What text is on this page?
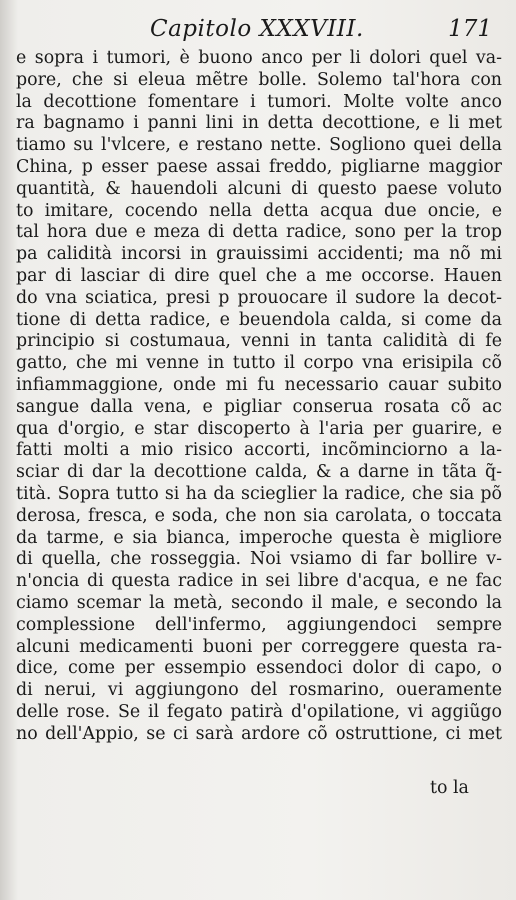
Capitolo XXXVIII.	171
e sopra i tumori, è buono anco per li dolori quel va-
pore, che si eleua mẽtre bolle. Solemo tal'hora con
la decottione fomentare i tumori. Molte volte anco
ra bagnamo i panni lini in detta decottione, e li met
tiamo su l'vlcere, e restano nette. Sogliono quei della
China, p esser paese assai freddo, pigliarne maggior
quantità, & hauendoli alcuni di questo paese voluto
to imitare, cocendo nella detta acqua due oncie, e
tal hora due e meza di detta radice, sono per la trop
pa calidità incorsi in grauissimi accidenti; ma nõ mi
par di lasciar di dire quel che a me occorse. Hauen
do vna sciatica, presi p prouocare il sudore la decot-
tione di detta radice, e beuendola calda, si come da
principio si costumaua, venni in tanta calidità di fe
gatto, che mi venne in tutto il corpo vna erisipila cõ
infiammaggione, onde mi fu necessario cauar subito
sangue dalla vena, e pigliar conserua rosata cõ ac
qua d'orgio, e star discoperto à l'aria per guarire, e
fatti molti a mio risico accorti, incõminciorno a la-
sciar di dar la decottione calda, & a darne in tãta q̃-
tità. Sopra tutto si ha da scieglier la radice, che sia põ
derosa, fresca, e soda, che non sia carolata, o toccata
da tarme, e sia bianca, imperoche questa è migliore
di quella, che rosseggia. Noi vsiamo di far bollire v-
n'oncia di questa radice in sei libre d'acqua, e ne fac
ciamo scemar la metà, secondo il male, e secondo la
complessione dell'infermo, aggiungendoci sempre
alcuni medicamenti buoni per correggere questa ra-
dice, come per essempio essendoci dolor di capo, o
di nerui, vi aggiungono del rosmarino, oueramente
delle rose. Se il fegato patirà d'opilatione, vi aggiũgo
no dell'Appio, se ci sarà ardore cõ ostruttione, ci met
to la
